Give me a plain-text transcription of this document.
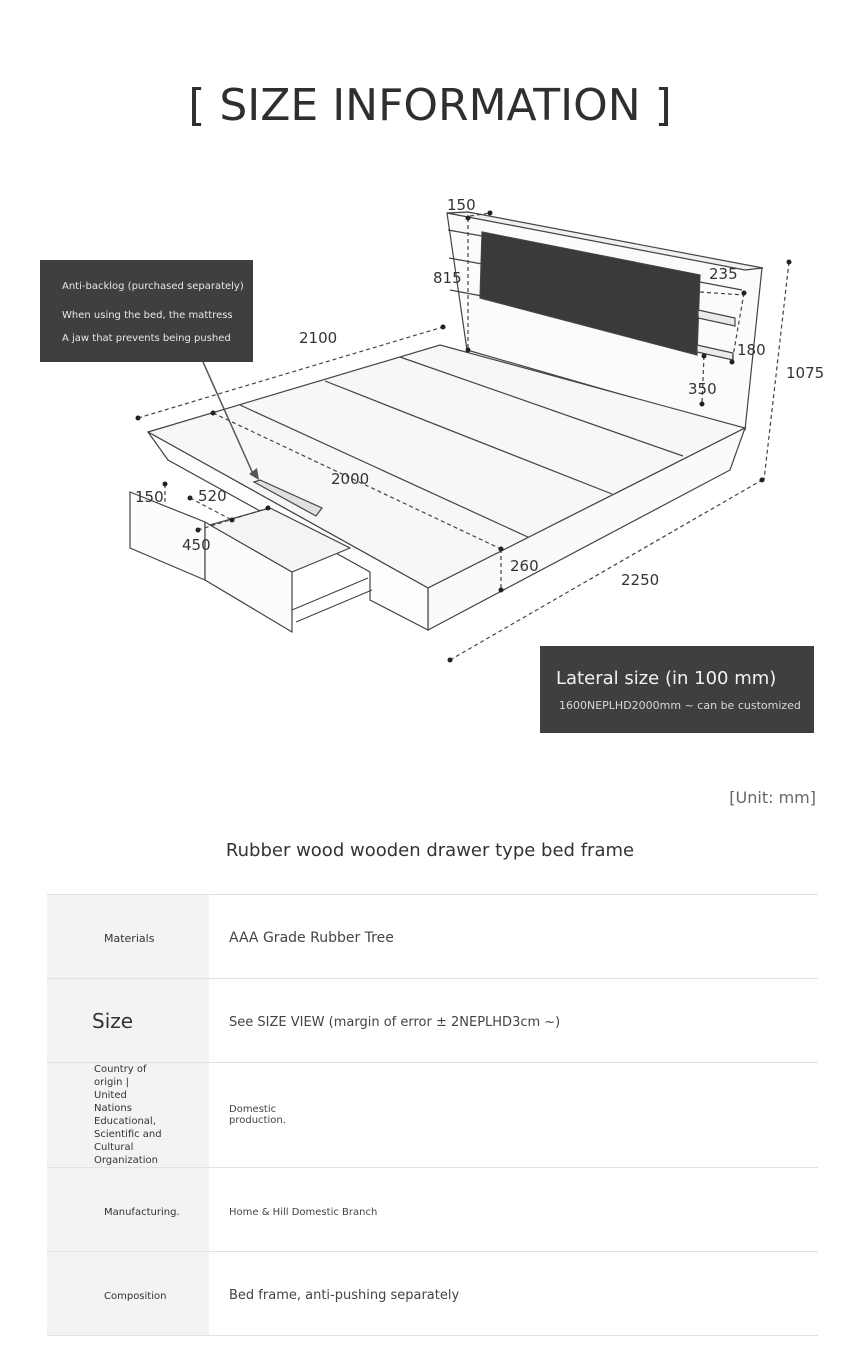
[ SIZE INFORMATION ]
150
815	235
180
350
1075
2100
2000
150 520
450
260
2250
Anti-backlog (purchased separately)
When using the bed, the mattress
A jaw that prevents being pushed
Lateral size (in 100 mm)
1600NEPLHD2000mm ~ can be customized
[Unit: mm]
Rubber wood wooden drawer type bed frame
Materials	AAA Grade Rubber Tree
Size	See SIZE VIEW (margin of error ± 2NEPLHD3cm ~)

Country of origin | United Nations Educational, Scientific and Cultural Organization	Domestic production.

Manufacturing.	Home & Hill Domestic Branch
Composition	Bed frame, anti-pushing separately
